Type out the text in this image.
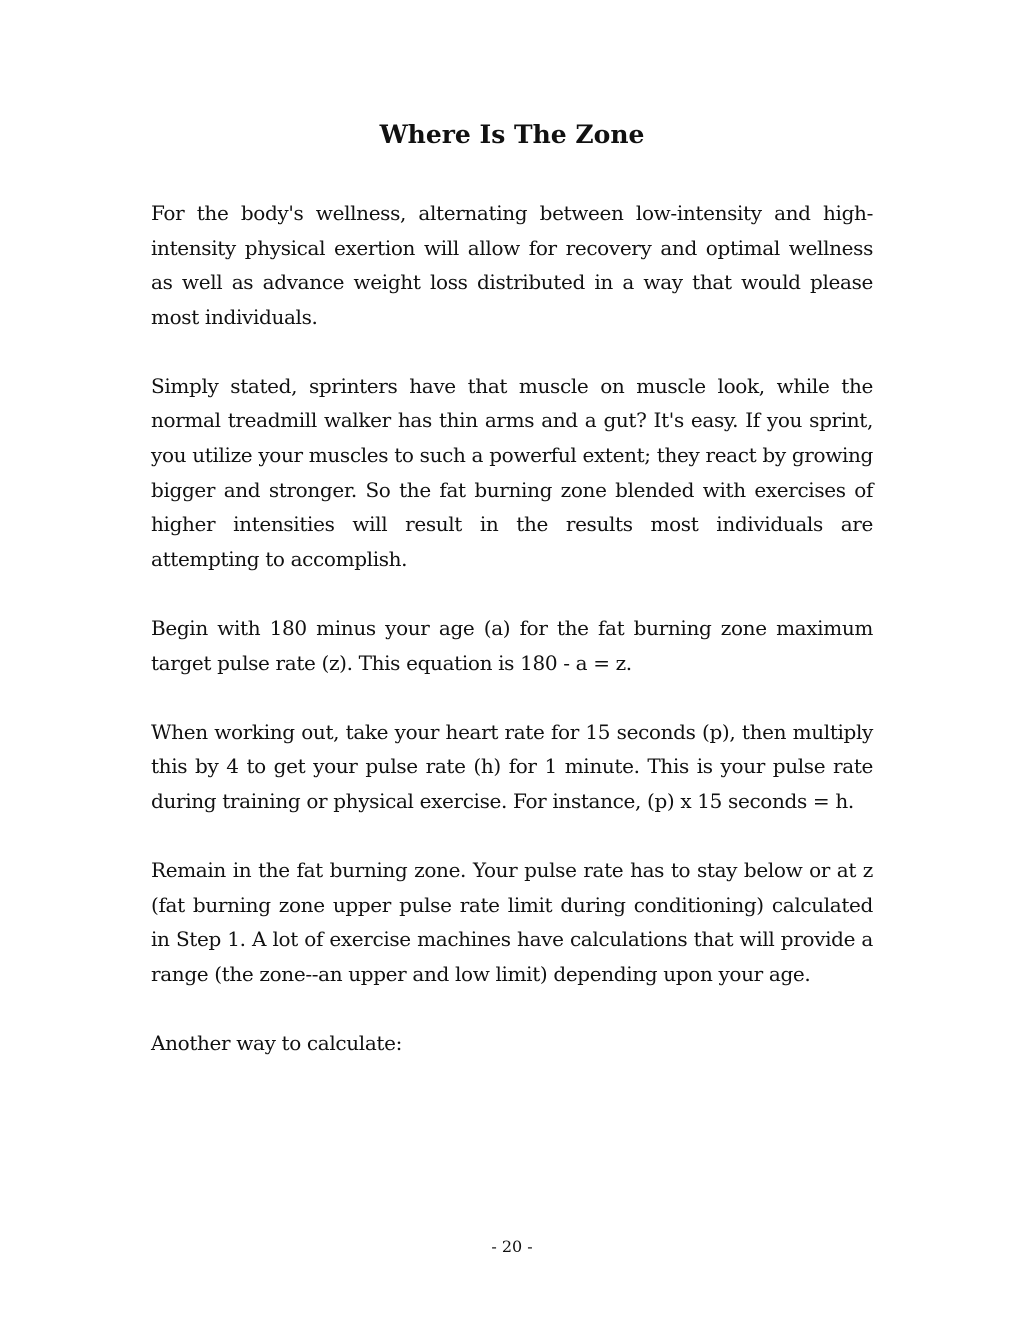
Where Is The Zone

For the body's wellness, alternating between low-intensity and high-intensity physical exertion will allow for recovery and optimal wellness as well as advance weight loss distributed in a way that would please most individuals.

Simply stated, sprinters have that muscle on muscle look, while the normal treadmill walker has thin arms and a gut? It's easy. If you sprint, you utilize your muscles to such a powerful extent; they react by growing bigger and stronger. So the fat burning zone blended with exercises of higher intensities will result in the results most individuals are attempting to accomplish.

Begin with 180 minus your age (a) for the fat burning zone maximum target pulse rate (z). This equation is 180 - a = z.

When working out, take your heart rate for 15 seconds (p), then multiply this by 4 to get your pulse rate (h) for 1 minute. This is your pulse rate during training or physical exercise. For instance, (p) x 15 seconds = h.

Remain in the fat burning zone. Your pulse rate has to stay below or at z (fat burning zone upper pulse rate limit during conditioning) calculated in Step 1. A lot of exercise machines have calculations that will provide a range (the zone--an upper and low limit) depending upon your age.

Another way to calculate:

- 20 -
